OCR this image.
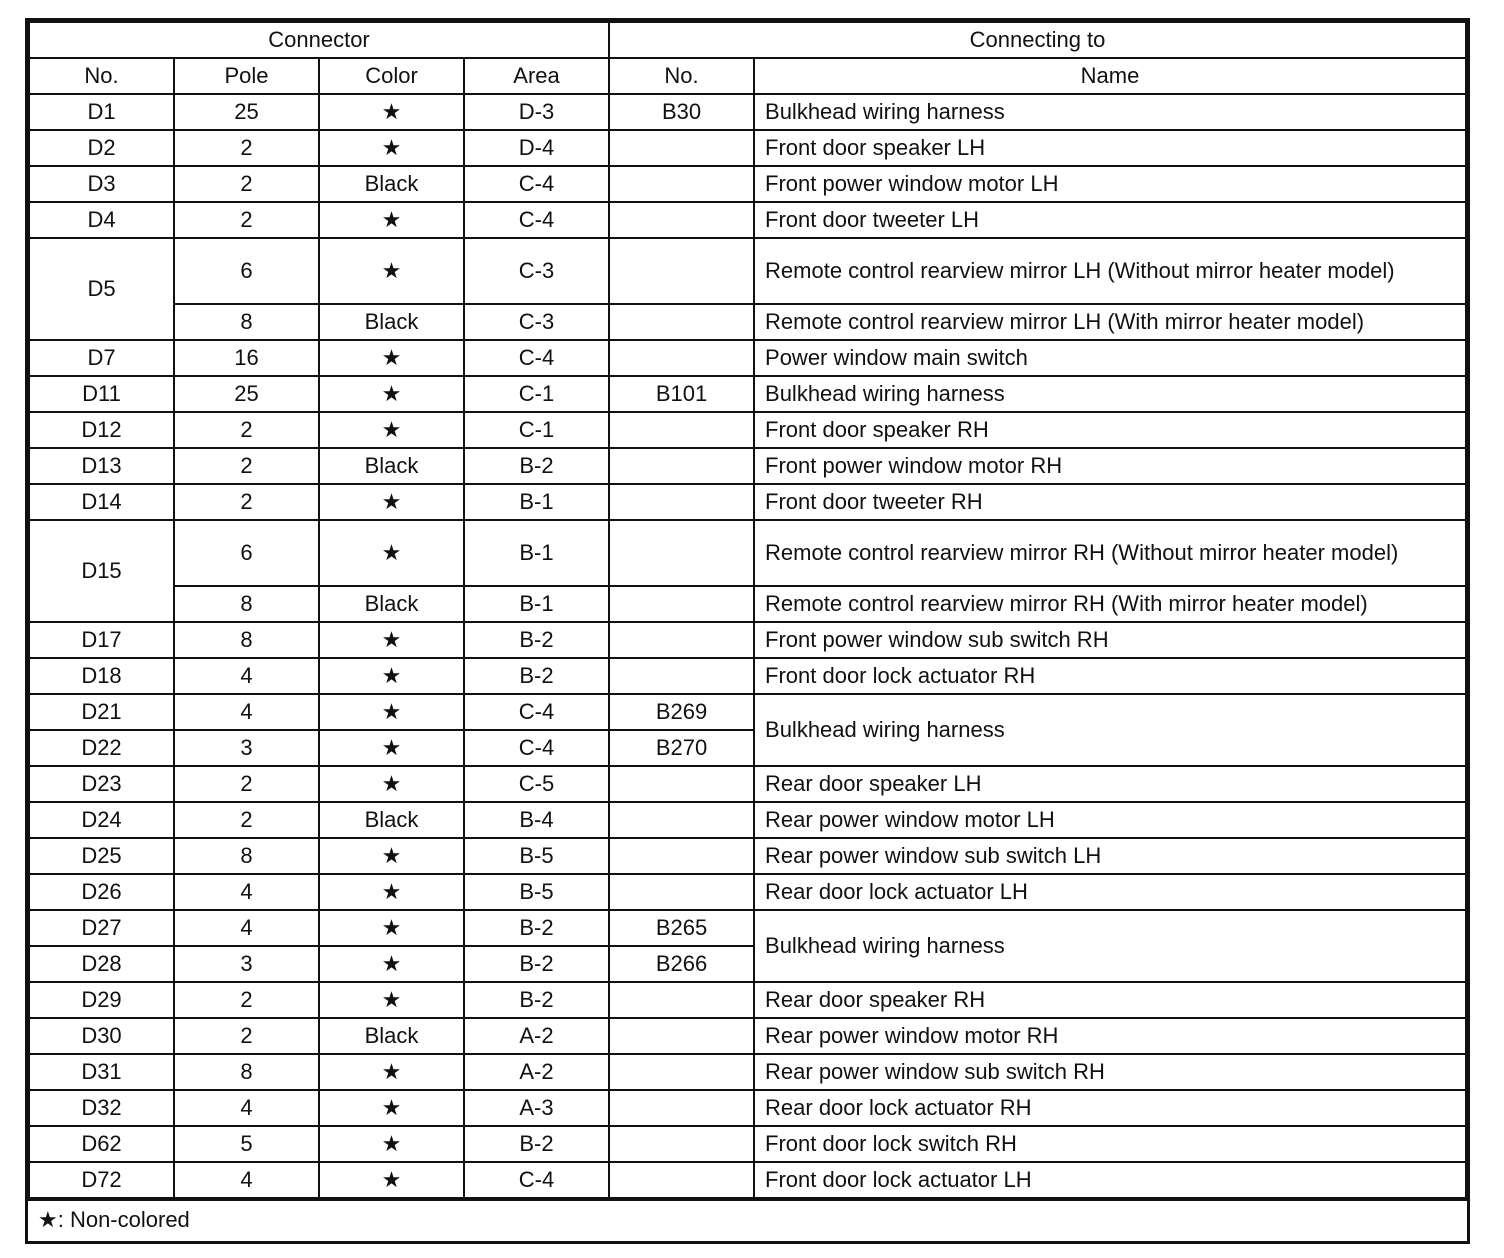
Connector				Connecting to	
No.	Pole	Color	Area	No.	Name
D1	25	★	D-3	B30	Bulkhead wiring harness
D2	2	★	D-4		Front door speaker LH
D3	2	Black	C-4		Front power window motor LH
D4	2	★	C-4		Front door tweeter LH
D5	6	★	C-3		Remote control rearview mirror LH (Without mirror heater model)
	8	Black	C-3		Remote control rearview mirror LH (With mirror heater model)
D7	16	★	C-4		Power window main switch
D11	25	★	C-1	B101	Bulkhead wiring harness
D12	2	★	C-1		Front door speaker RH
D13	2	Black	B-2		Front power window motor RH
D14	2	★	B-1		Front door tweeter RH
D15	6	★	B-1		Remote control rearview mirror RH (Without mirror heater model)
	8	Black	B-1		Remote control rearview mirror RH (With mirror heater model)
D17	8	★	B-2		Front power window sub switch RH
D18	4	★	B-2		Front door lock actuator RH
D21	4	★	C-4	B269	Bulkhead wiring harness
D22	3	★	C-4	B270	
D23	2	★	C-5		Rear door speaker LH
D24	2	Black	B-4		Rear power window motor LH
D25	8	★	B-5		Rear power window sub switch LH
D26	4	★	B-5		Rear door lock actuator LH
D27	4	★	B-2	B265	Bulkhead wiring harness
D28	3	★	B-2	B266	
D29	2	★	B-2		Rear door speaker RH
D30	2	Black	A-2		Rear power window motor RH
D31	8	★	A-2		Rear power window sub switch RH
D32	4	★	A-3		Rear door lock actuator RH
D62	5	★	B-2		Front door lock switch RH
D72	4	★	C-4		Front door lock actuator LH
★: Non-colored
